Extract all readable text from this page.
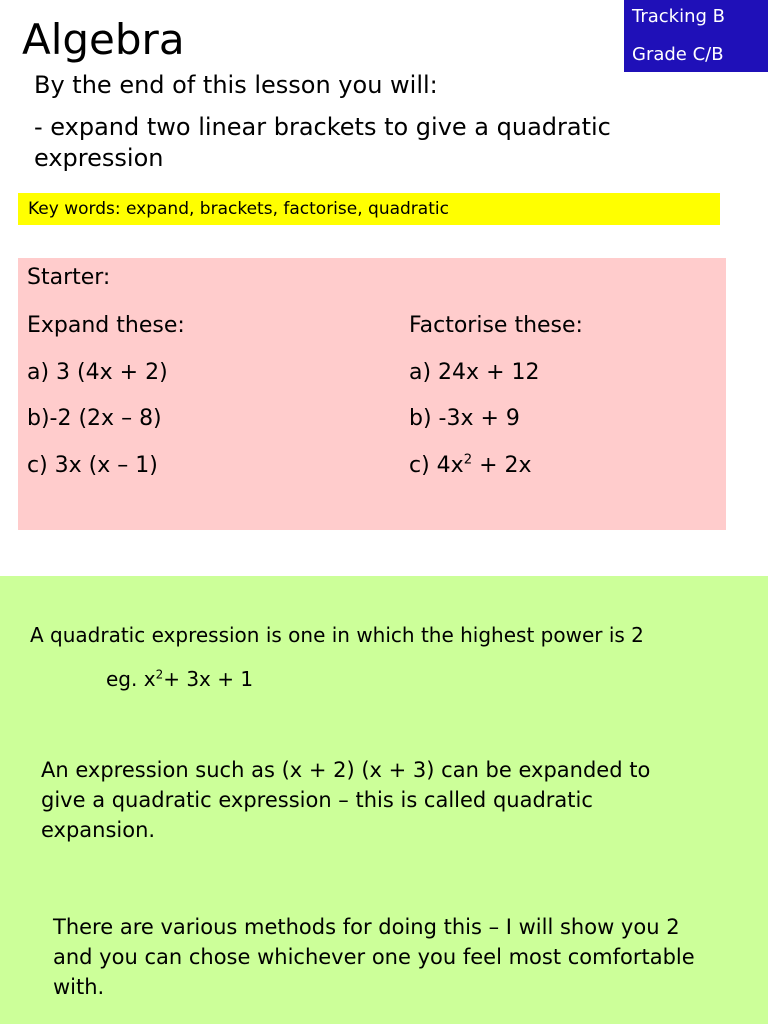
Algebra	Tracking B
Grade C/B
By the end of this lesson you will:
- expand two linear brackets to give a quadratic expression
Key words: expand, brackets, factorise, quadratic
Starter:
Expand these:	Factorise these:
a) 3 (4x + 2)
b)-2 (2x – 8)
c) 3x (x – 1)
a) 24x + 12
b) -3x + 9
c) $4x^2 + 2x$
A quadratic expression is one in which the highest power is 2
eg. $x^2+ 3x + 1$
An expression such as (x + 2) (x + 3) can be expanded to give a quadratic expression – this is called quadratic expansion.
There are various methods for doing this – I will show you 2 and you can chose whichever one you feel most comfortable with.
